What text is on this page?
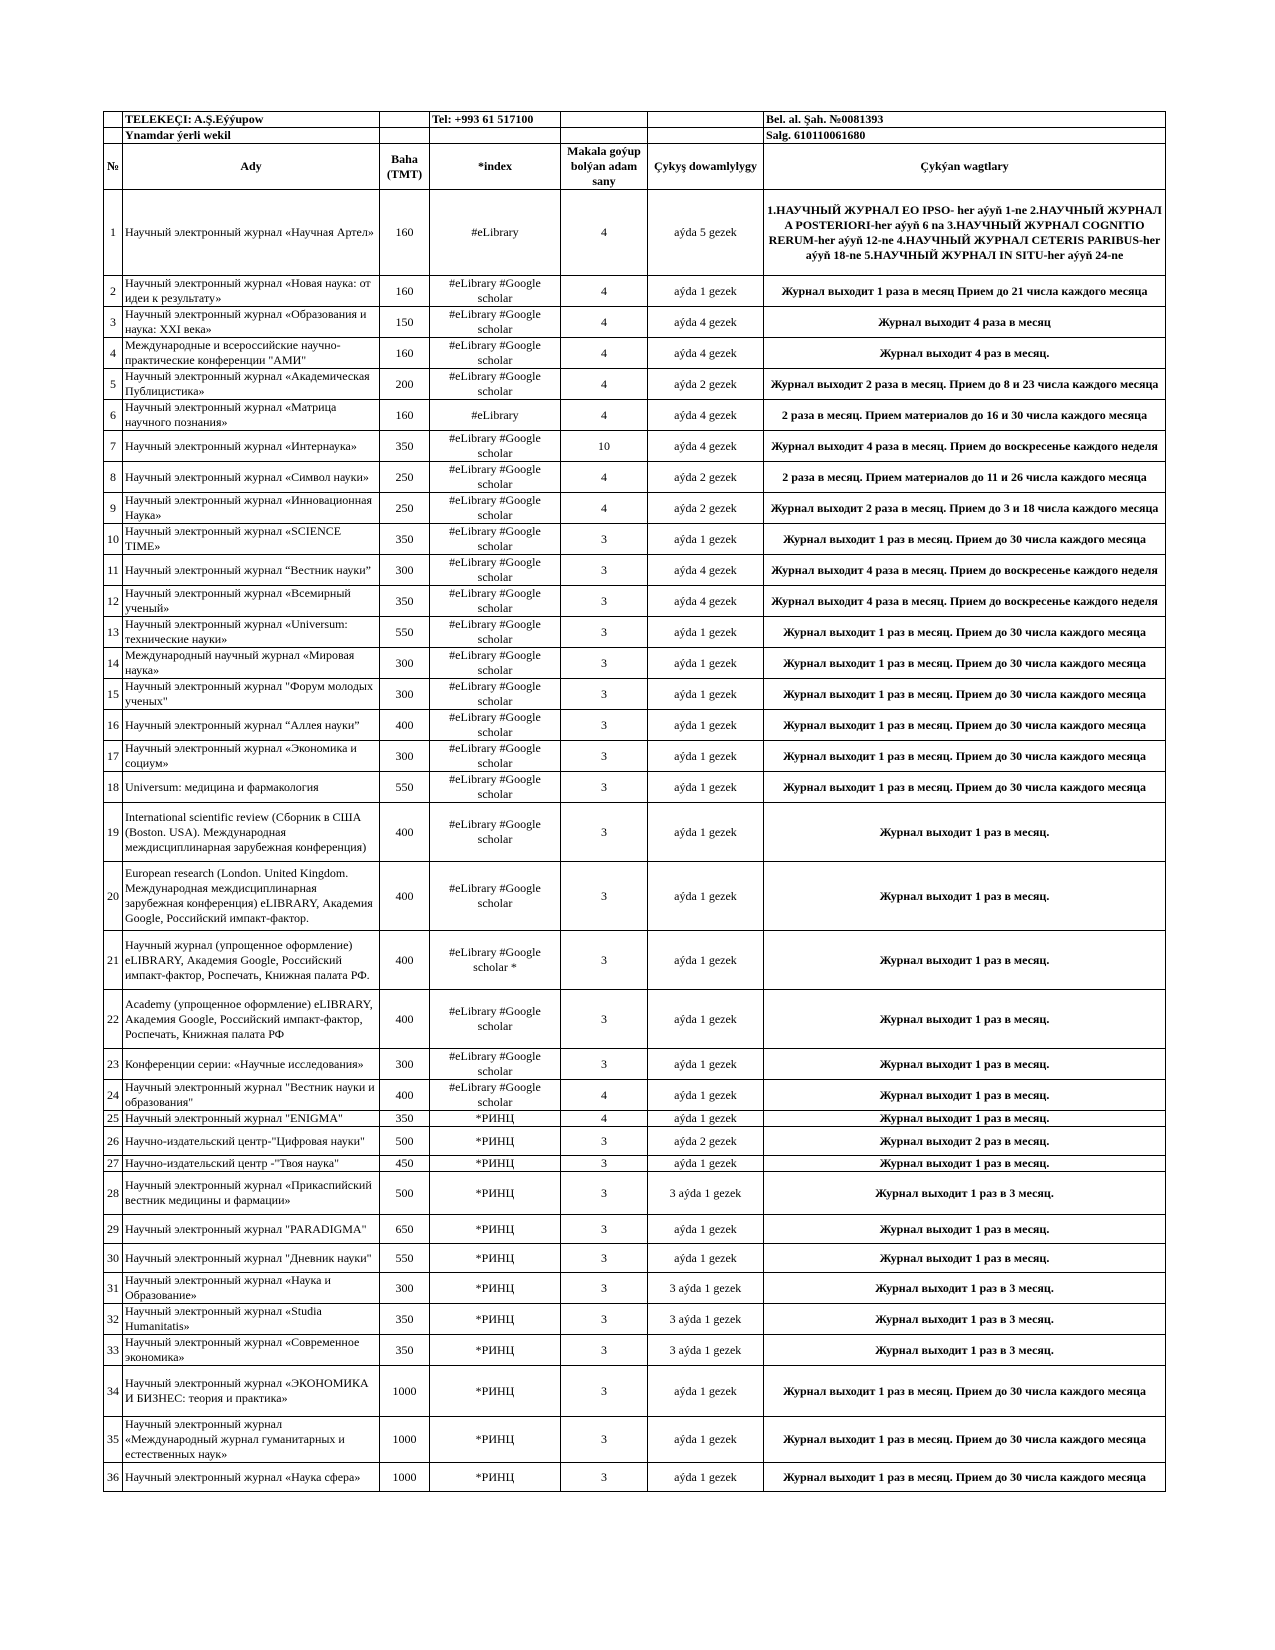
	TELEKEÇI: A.Ş.Eýýupow		Tel: +993 61 517100			Bel. al. Şah. №0081393
	Ynamdar ýerli wekil					Salg. 610110061680
№	Ady	Baha (TMT)	*index	Makala goýup bolýan adam sany	Çykyş dowamlylygy	Çykýan wagtlary
1	Научный электронный журнал «Научная Артел»	160	#eLibrary	4	aýda 5 gezek	1.НАУЧНЫЙ ЖУРНАЛ EO IPSO- her aýyň 1-ne 2.НАУЧНЫЙ ЖУРНАЛ A POSTERIORI-her aýyň 6 na 3.НАУЧНЫЙ ЖУРНАЛ COGNITIO RERUM-her aýyň 12-ne 4.НАУЧНЫЙ ЖУРНАЛ CETERIS PARIBUS-her aýyň 18-ne 5.НАУЧНЫЙ ЖУРНАЛ IN SITU-her aýyň 24-ne
2	Научный электронный журнал «Новая наука: от идеи к результату»	160	#eLibrary #Google scholar	4	aýda 1 gezek	Журнал выходит 1 раза в месяц Прием до 21 числа каждого месяца
3	Научный электронный журнал «Образования и наука: XXI века»	150	#eLibrary #Google scholar	4	aýda 4 gezek	Журнал выходит 4 раза в месяц
4	Международные и всероссийские научно-практические конференции "АМИ"	160	#eLibrary #Google scholar	4	aýda 4 gezek	Журнал выходит 4 раз в месяц.
5	Научный электронный журнал «Академическая Публицистика»	200	#eLibrary #Google scholar	4	aýda 2 gezek	Журнал выходит 2 раза в месяц. Прием до 8 и 23 числа каждого месяца
6	Научный электронный журнал «Матрица научного познания»	160	#eLibrary	4	aýda 4 gezek	2 раза в месяц. Прием материалов до 16 и 30 числа каждого месяца
7	Научный электронный журнал «Интернаука»	350	#eLibrary #Google scholar	10	aýda 4 gezek	Журнал выходит 4 раза в месяц. Прием до воскресенье каждого неделя
8	Научный электронный журнал «Символ науки»	250	#eLibrary #Google scholar	4	aýda 2 gezek	2 раза в месяц. Прием материалов до 11 и 26 числа каждого месяца
9	Научный электронный журнал «Инновационная Наука»	250	#eLibrary #Google scholar	4	aýda 2 gezek	Журнал выходит 2 раза в месяц. Прием до 3 и 18 числа каждого месяца
10	Научный электронный журнал «SCIENCE TIME»	350	#eLibrary #Google scholar	3	aýda 1 gezek	Журнал выходит 1 раз в месяц. Прием до 30 числа каждого месяца
11	Научный электронный журнал “Вестник науки”	300	#eLibrary #Google scholar	3	aýda 4 gezek	Журнал выходит 4 раза в месяц. Прием до воскресенье каждого неделя
12	Научный электронный журнал «Всемирный ученый»	350	#eLibrary #Google scholar	3	aýda 4 gezek	Журнал выходит 4 раза в месяц. Прием до воскресенье каждого неделя
13	Научный электронный журнал «Universum: технические науки»	550	#eLibrary #Google scholar	3	aýda 1 gezek	Журнал выходит 1 раз в месяц. Прием до 30 числа каждого месяца
14	Международный научный журнал «Мировая наука»	300	#eLibrary #Google scholar	3	aýda 1 gezek	Журнал выходит 1 раз в месяц. Прием до 30 числа каждого месяца
15	Научный электронный журнал "Форум молодых ученых"	300	#eLibrary #Google scholar	3	aýda 1 gezek	Журнал выходит 1 раз в месяц. Прием до 30 числа каждого месяца
16	Научный электронный журнал “Аллея науки”	400	#eLibrary #Google scholar	3	aýda 1 gezek	Журнал выходит 1 раз в месяц. Прием до 30 числа каждого месяца
17	Научный электронный журнал «Экономика и социум»	300	#eLibrary #Google scholar	3	aýda 1 gezek	Журнал выходит 1 раз в месяц. Прием до 30 числа каждого месяца
18	Universum: медицина и фармакология	550	#eLibrary #Google scholar	3	aýda 1 gezek	Журнал выходит 1 раз в месяц. Прием до 30 числа каждого месяца
19	International scientific review (Сборник в США (Boston. USA). Международная междисциплинарная зарубежная конференция)	400	#eLibrary #Google scholar	3	aýda 1 gezek	Журнал выходит 1 раз в месяц.
20	European research (London. United Kingdom. Международная междисциплинарная зарубежная конференция) eLIBRARY, Академия Google, Российский импакт-фактор.	400	#eLibrary #Google scholar	3	aýda 1 gezek	Журнал выходит 1 раз в месяц.
21	Научный журнал (упрощенное оформление) eLIBRARY, Академия Google, Российский импакт-фактор, Роспечать, Книжная палата РФ.	400	#eLibrary #Google scholar *	3	aýda 1 gezek	Журнал выходит 1 раз в месяц.
22	Academy (упрощенное оформление) eLIBRARY, Академия Google, Российский импакт-фактор, Роспечать, Книжная палата РФ	400	#eLibrary #Google scholar	3	aýda 1 gezek	Журнал выходит 1 раз в месяц.
23	Конференции серии: «Научные исследования»	300	#eLibrary #Google scholar	3	aýda 1 gezek	Журнал выходит 1 раз в месяц.
24	Научный электронный журнал "Вестник науки и образования"	400	#eLibrary #Google scholar	4	aýda 1 gezek	Журнал выходит 1 раз в месяц.
25	Научный электронный журнал "ENIGMA"	350	*РИНЦ	4	aýda 1 gezek	Журнал выходит 1 раз в месяц.
26	Научно-издательский центр-"Цифровая науки"	500	*РИНЦ	3	aýda 2 gezek	Журнал выходит 2 раз в месяц.
27	Научно-издательский центр -"Твоя наука"	450	*РИНЦ	3	aýda 1 gezek	Журнал выходит 1 раз в месяц.
28	Научный электронный журнал «Прикаспийский вестник медицины и фармации»	500	*РИНЦ	3	3 aýda 1 gezek	Журнал выходит 1 раз в 3 месяц.
29	Научный электронный журнал "PARADIGMA"	650	*РИНЦ	3	aýda 1 gezek	Журнал выходит 1 раз в месяц.
30	Научный электронный журнал "Дневник науки"	550	*РИНЦ	3	aýda 1 gezek	Журнал выходит 1 раз в месяц.
31	Научный электронный журнал «Наука и Образование»	300	*РИНЦ	3	3 aýda 1 gezek	Журнал выходит 1 раз в 3 месяц.
32	Научный электронный журнал «Studia Humanitatis»	350	*РИНЦ	3	3 aýda 1 gezek	Журнал выходит 1 раз в 3 месяц.
33	Научный электронный журнал «Современное экономика»	350	*РИНЦ	3	3 aýda 1 gezek	Журнал выходит 1 раз в 3 месяц.
34	Научный электронный журнал «ЭКОНОМИКА И БИЗНЕС: теория и практика»	1000	*РИНЦ	3	aýda 1 gezek	Журнал выходит 1 раз в месяц. Прием до 30 числа каждого месяца
35	Научный электронный журнал «Международный журнал гуманитарных и естественных наук»	1000	*РИНЦ	3	aýda 1 gezek	Журнал выходит 1 раз в месяц. Прием до 30 числа каждого месяца
36	Научный электронный журнал «Наука сфера»	1000	*РИНЦ	3	aýda 1 gezek	Журнал выходит 1 раз в месяц. Прием до 30 числа каждого месяца
